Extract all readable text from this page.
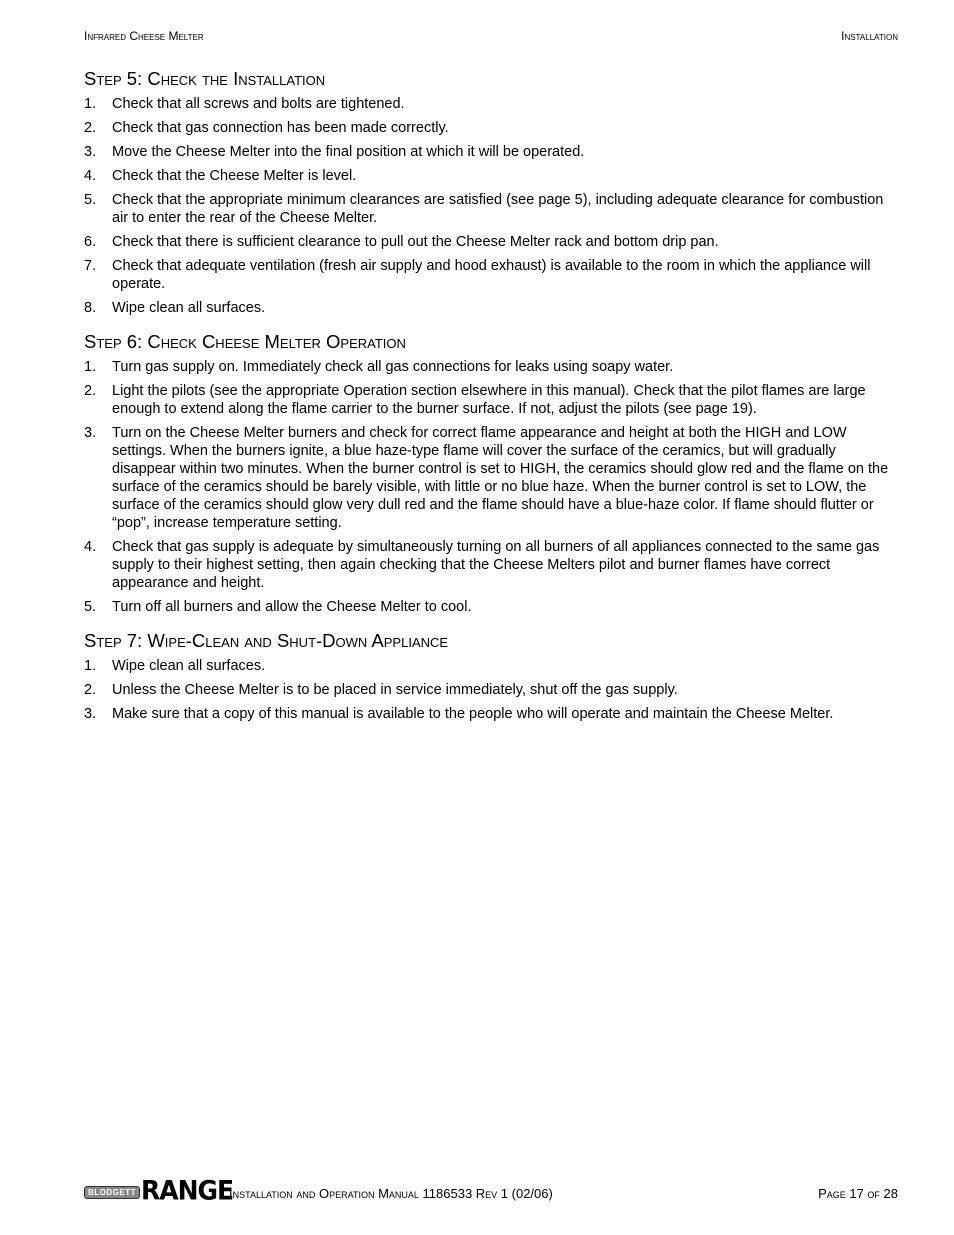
Infrared Cheese Melter	Installation
Step 5: Check the Installation
1. Check that all screws and bolts are tightened.
2. Check that gas connection has been made correctly.
3. Move the Cheese Melter into the final position at which it will be operated.
4. Check that the Cheese Melter is level.
5. Check that the appropriate minimum clearances are satisfied (see page 5), including adequate clearance for combustion air to enter the rear of the Cheese Melter.
6. Check that there is sufficient clearance to pull out the Cheese Melter rack and bottom drip pan.
7. Check that adequate ventilation (fresh air supply and hood exhaust) is available to the room in which the appliance will operate.
8. Wipe clean all surfaces.
Step 6: Check Cheese Melter Operation
1. Turn gas supply on. Immediately check all gas connections for leaks using soapy water.
2. Light the pilots (see the appropriate Operation section elsewhere in this manual). Check that the pilot flames are large enough to extend along the flame carrier to the burner surface. If not, adjust the pilots (see page 19).
3. Turn on the Cheese Melter burners and check for correct flame appearance and height at both the HIGH and LOW settings. When the burners ignite, a blue haze-type flame will cover the surface of the ceramics, but will gradually disappear within two minutes. When the burner control is set to HIGH, the ceramics should glow red and the flame on the surface of the ceramics should be barely visible, with little or no blue haze. When the burner control is set to LOW, the surface of the ceramics should glow very dull red and the flame should have a blue-haze color. If flame should flutter or “pop”, increase temperature setting.
4. Check that gas supply is adequate by simultaneously turning on all burners of all appliances connected to the same gas supply to their highest setting, then again checking that the Cheese Melters pilot and burner flames have correct appearance and height.
5. Turn off all burners and allow the Cheese Melter to cool.
Step 7: Wipe-Clean and Shut-Down Appliance
1. Wipe clean all surfaces.
2. Unless the Cheese Melter is to be placed in service immediately, shut off the gas supply.
3. Make sure that a copy of this manual is available to the people who will operate and maintain the Cheese Melter.
BLODGETT RANGE
Installation and Operation Manual 1186533 Rev 1 (02/06)	Page 17 of 28
